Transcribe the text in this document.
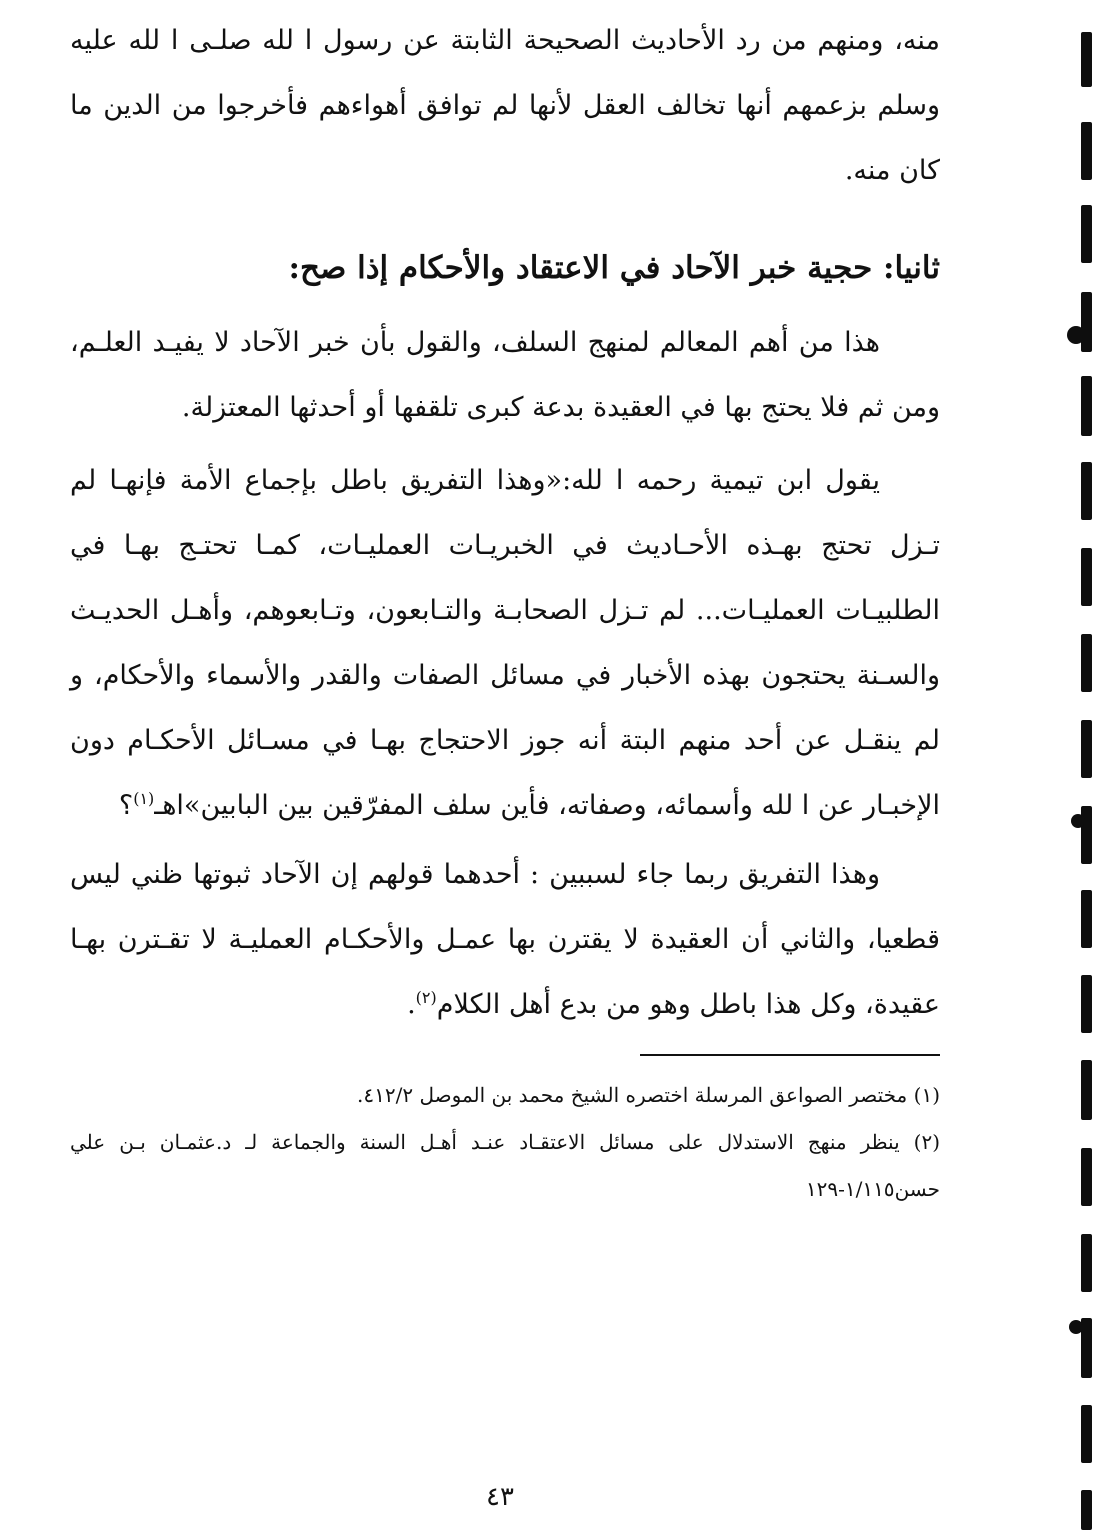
منه، ومنهم من رد الأحاديث الصحيحة الثابتة عن رسول ا لله صلـى ا لله عليه وسلم بزعمهم أنها تخالف العقل لأنها لم توافق أهواءهم فأخرجوا من الدين ما كان منه.

ثانيا: حجية خبر الآحاد في الاعتقاد والأحكام إذا صح:

هذا من أهم المعالم لمنهج السلف، والقول بأن خبر الآحاد لا يفيـد العلـم، ومن ثم فلا يحتج بها في العقيدة بدعة كبرى تلقفها أو أحدثها المعتزلة.

يقول ابن تيمية رحمه ا لله:«وهذا التفريق باطل بإجماع الأمة فإنهـا لم تـزل تحتج بهـذه الأحـاديث في الخبريـات العمليـات، كمـا تحتـج بهـا في الطلبيـات العمليـات... لم تـزل الصحابـة والتـابعون، وتـابعوهم، وأهـل الحديـث والسـنة يحتجون بهذه الأخبار في مسائل الصفات والقدر والأسماء والأحكام، و لم ينقـل عن أحد منهم البتة أنه جوز الاحتجاج بهـا في مسـائل الأحكـام دون الإخبـار عن ا لله وأسمائه، وصفاته، فأين سلف المفرّقين بين البابين»اهـ$^{(١)}$؟

وهذا التفريق ربما جاء لسببين : أحدهما قولهم إن الآحاد ثبوتها ظني ليس قطعيا، والثاني أن العقيدة لا يقترن بها عمـل والأحكـام العمليـة لا تقـترن بهـا عقيدة، وكل هذا باطل وهو من بدع أهل الكلام$^{(٢)}$.

(١) مختصر الصواعق المرسلة اختصره الشيخ محمد بن الموصل ٤١٢/٢.

(٢) ينظر منهج الاستدلال على مسائل الاعتقـاد عنـد أهـل السنة والجماعة لـ د.عثمـان بـن علي حسن١/١١٥-١٢٩

٤٣
